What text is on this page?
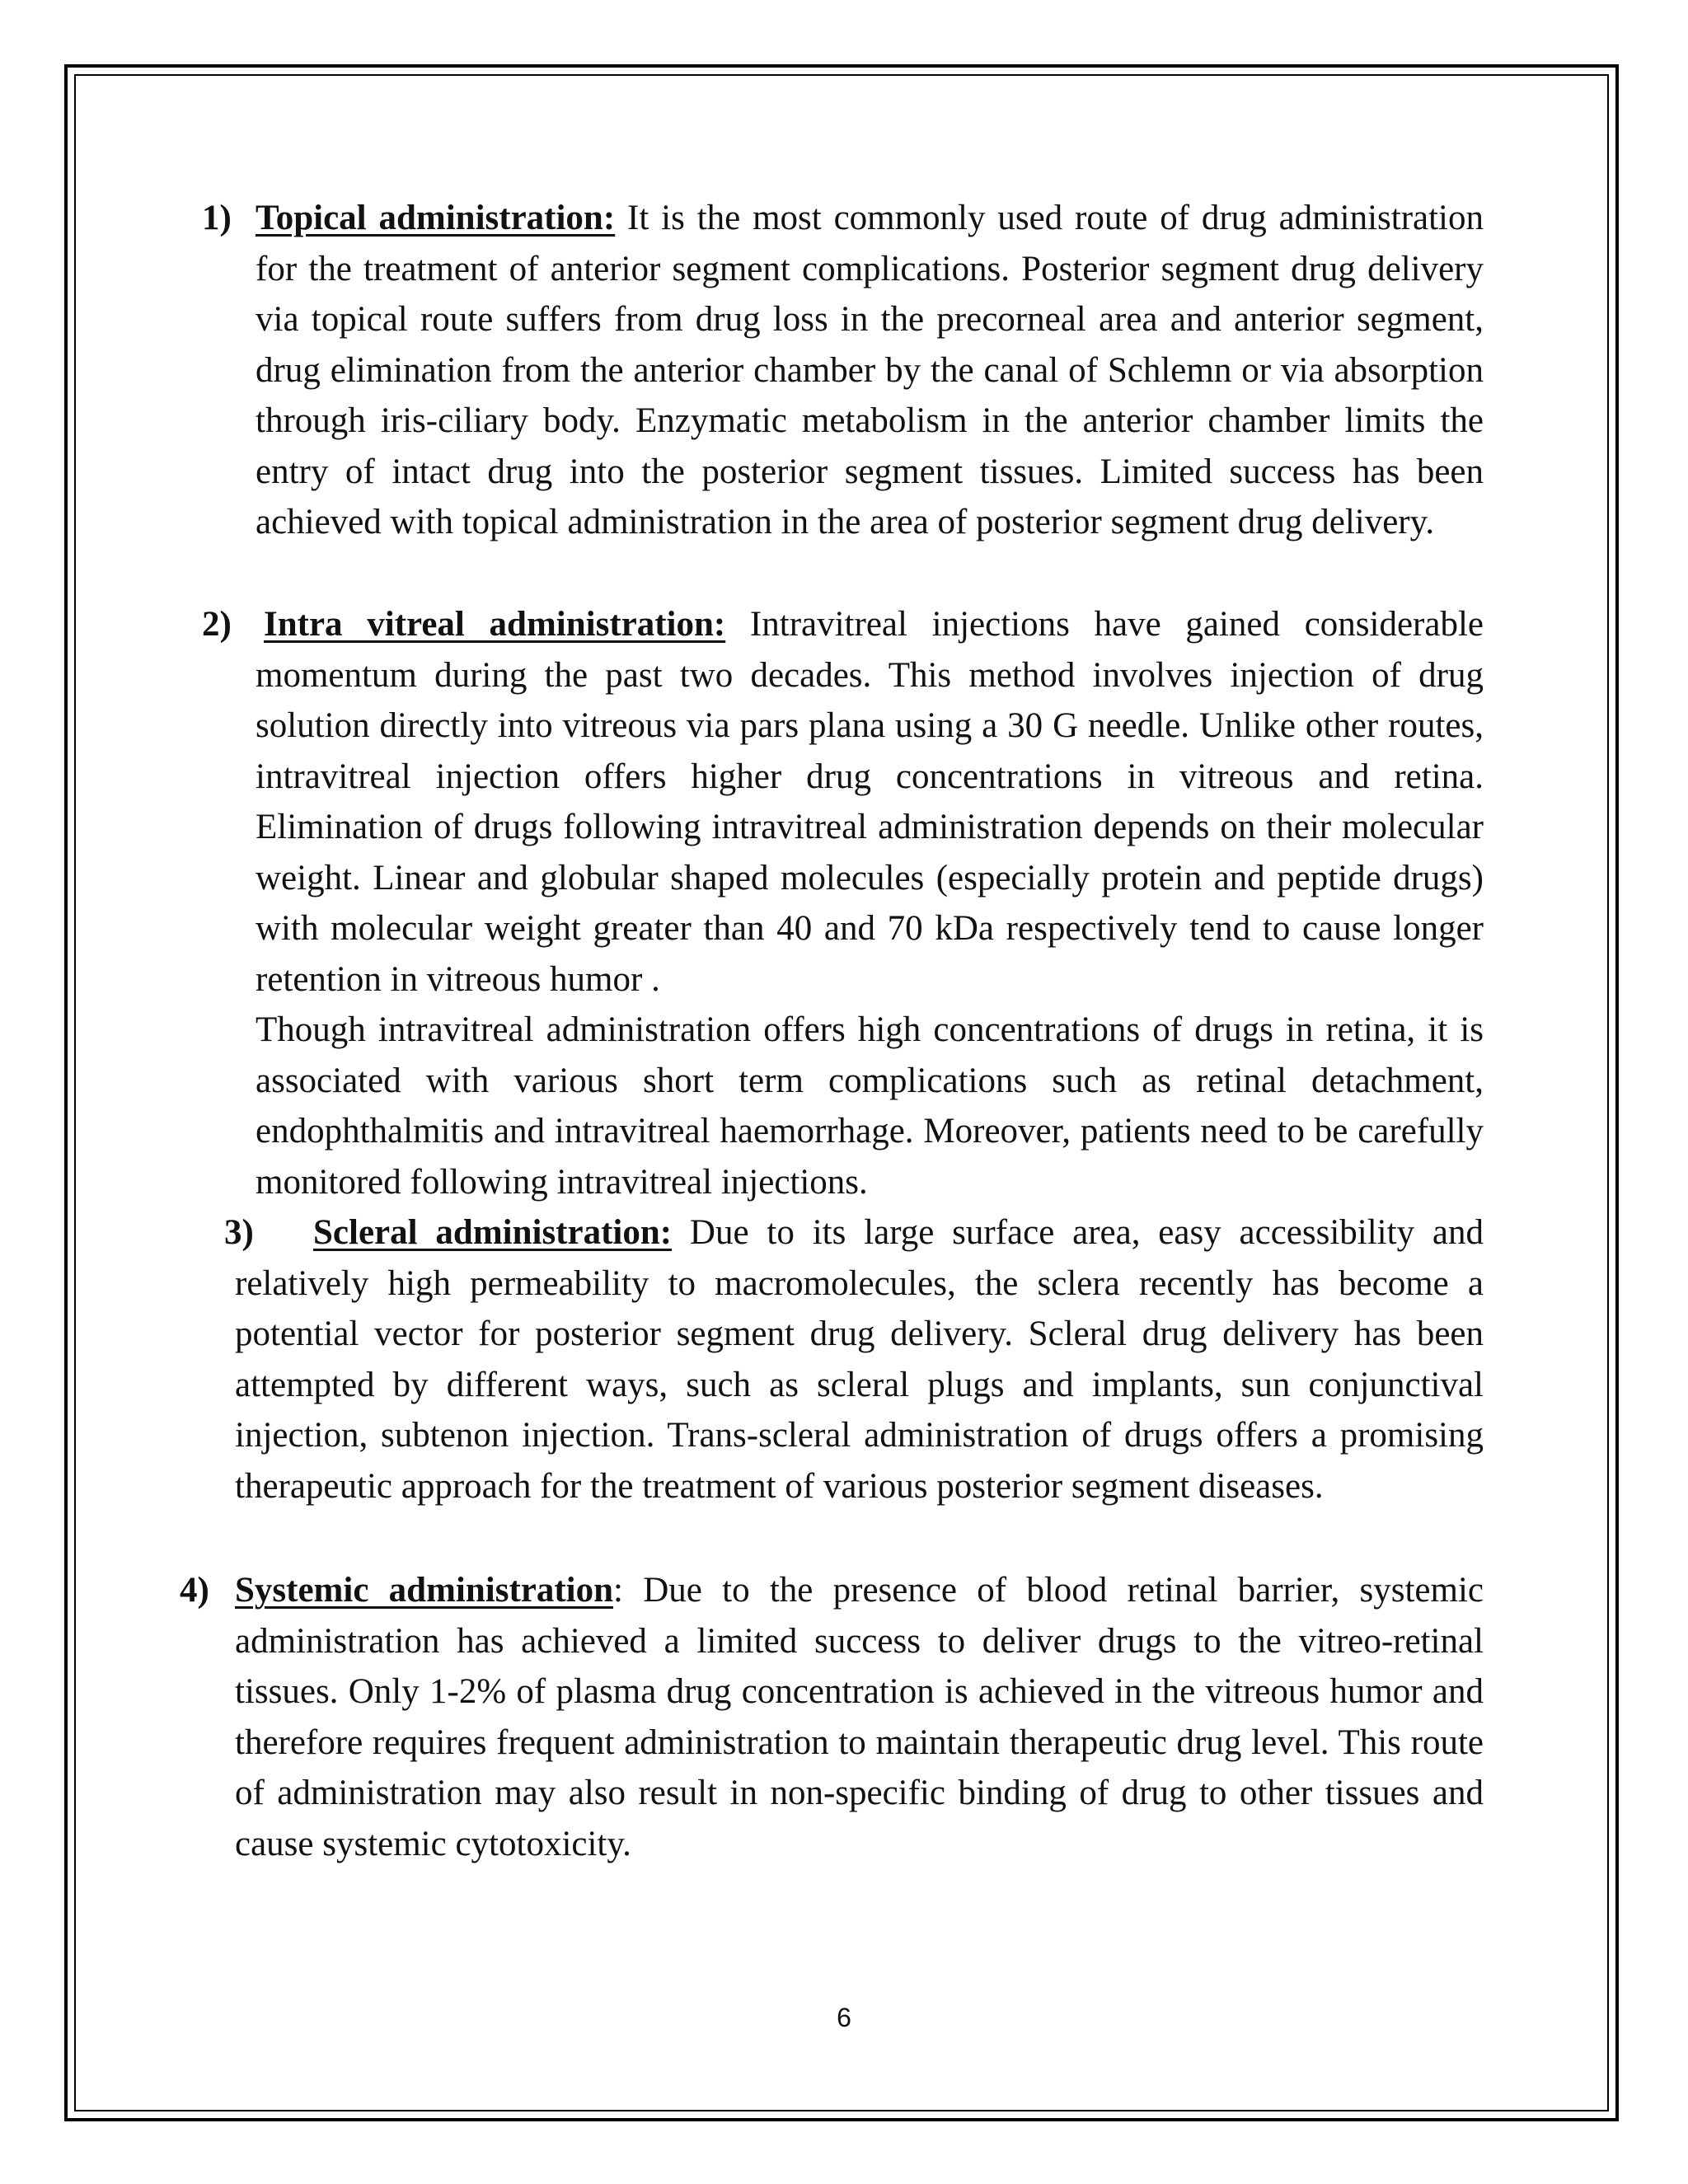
1) Topical administration: It is the most commonly used route of drug administration for the treatment of anterior segment complications. Posterior segment drug delivery via topical route suffers from drug loss in the precorneal area and anterior segment, drug elimination from the anterior chamber by the canal of Schlemn or via absorption through iris-ciliary body. Enzymatic metabolism in the anterior chamber limits the entry of intact drug into the posterior segment tissues. Limited success has been achieved with topical administration in the area of posterior segment drug delivery.
2) Intra vitreal administration: Intravitreal injections have gained considerable momentum during the past two decades. This method involves injection of drug solution directly into vitreous via pars plana using a 30 G needle. Unlike other routes, intravitreal injection offers higher drug concentrations in vitreous and retina. Elimination of drugs following intravitreal administration depends on their molecular weight. Linear and globular shaped molecules (especially protein and peptide drugs) with molecular weight greater than 40 and 70 kDa respectively tend to cause longer retention in vitreous humor .
Though intravitreal administration offers high concentrations of drugs in retina, it is associated with various short term complications such as retinal detachment, endophthalmitis and intravitreal haemorrhage. Moreover, patients need to be carefully monitored following intravitreal injections.
3)	Scleral administration: Due to its large surface area, easy accessibility and relatively high permeability to macromolecules, the sclera recently has become a potential vector for posterior segment drug delivery. Scleral drug delivery has been attempted by different ways, such as scleral plugs and implants, sun conjunctival injection, subtenon injection. Trans-scleral administration of drugs offers a promising therapeutic approach for the treatment of various posterior segment diseases.
4) Systemic administration: Due to the presence of blood retinal barrier, systemic administration has achieved a limited success to deliver drugs to the vitreo-retinal tissues. Only 1-2% of plasma drug concentration is achieved in the vitreous humor and therefore requires frequent administration to maintain therapeutic drug level. This route of administration may also result in non-specific binding of drug to other tissues and cause systemic cytotoxicity.
6
